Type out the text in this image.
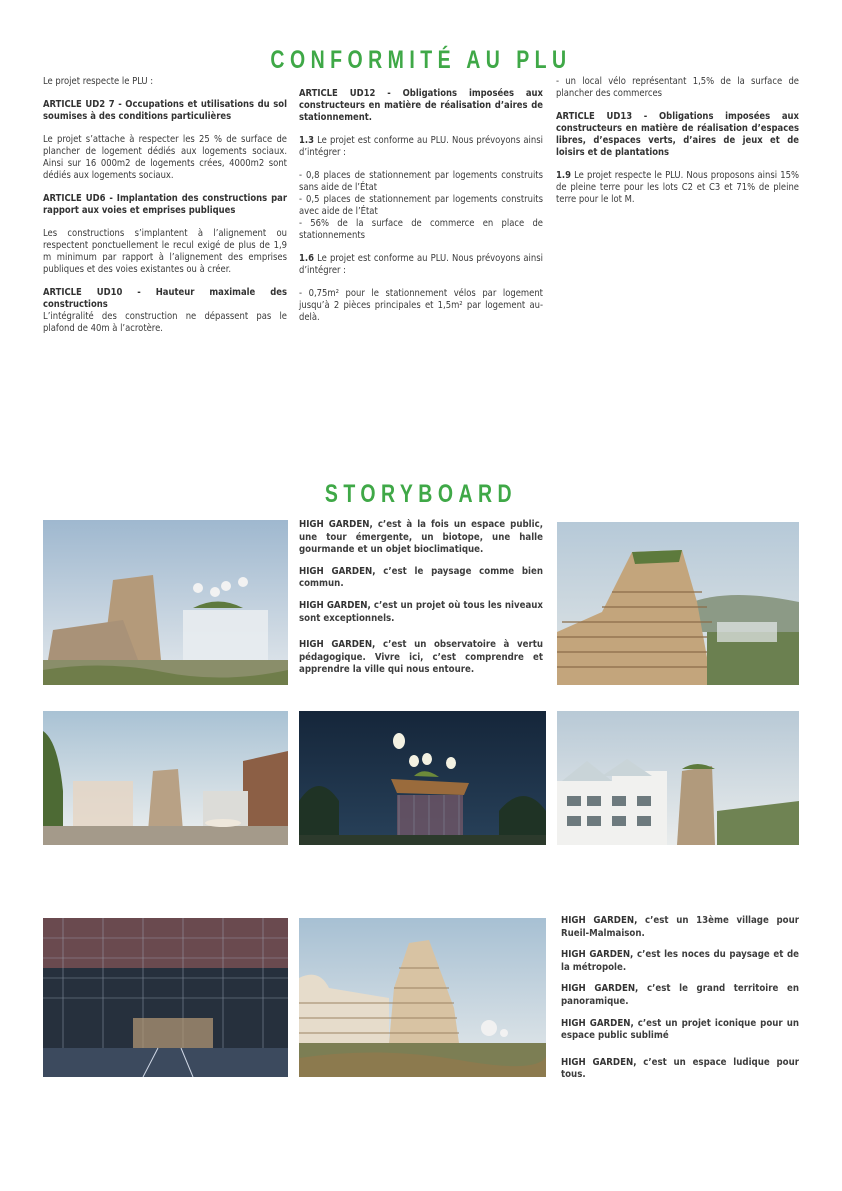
CONFORMITÉ AU PLU

Le projet respecte le PLU :

ARTICLE UD2 7 - Occupations et utilisations du sol soumises à des conditions particulières

Le projet s’attache à respecter les 25 % de surface de plancher de logement dédiés aux logements sociaux. Ainsi sur 16 000m2 de logements crées, 4000m2 sont dédiés aux logements sociaux.

ARTICLE UD6 - Implantation des constructions par rapport aux voies et emprises publiques

Les constructions s’implantent à l’alignement ou respectent ponctuellement le recul exigé de plus de 1,9 m minimum par rapport à l’alignement des emprises publiques et des voies existantes ou à créer.

ARTICLE UD10 - Hauteur maximale des constructions

L’intégralité des construction ne dépassent pas le plafond de 40m à l’acrotère.

ARTICLE UD12 - Obligations imposées aux constructeurs en matière de réalisation d’aires de stationnement.

1.3 Le projet est conforme au PLU. Nous prévoyons ainsi d’intégrer :

- 0,8 places de stationnement par logements construits sans aide de l’État

- 0,5 places de stationnement par logements construits avec aide de l’État

- 56% de la surface de commerce en place de stationnements

1.6 Le projet est conforme au PLU. Nous prévoyons ainsi d’intégrer :

- 0,75m² pour le stationnement vélos par logement jusqu’à 2 pièces principales et 1,5m² par logement au-delà.

- un local vélo représentant 1,5% de la surface de plancher des commerces

ARTICLE UD13 - Obligations imposées aux constructeurs en matière de réalisation d’espaces libres, d’espaces verts, d’aires de jeux et de loisirs et de plantations

1.9 Le projet respecte le PLU. Nous proposons ainsi 15% de pleine terre pour les lots C2 et C3 et 71% de pleine terre pour le lot M.

STORYBOARD

HIGH GARDEN, c’est à la fois un espace public, une tour émergente, un biotope, une halle gourmande et un objet bioclimatique.

HIGH GARDEN, c’est le paysage comme bien commun.

HIGH GARDEN, c’est un projet où tous les niveaux sont exceptionnels.

HIGH GARDEN, c’est un observatoire à vertu pédagogique. Vivre ici, c’est comprendre et apprendre la ville qui nous entoure.

HIGH GARDEN, c’est un 13ème village pour Rueil-Malmaison.

HIGH GARDEN, c’est les noces du paysage et de la métropole.

HIGH GARDEN, c’est le grand territoire en panoramique.

HIGH GARDEN, c’est un projet iconique pour un espace public sublimé

HIGH GARDEN, c’est un espace ludique pour tous.
